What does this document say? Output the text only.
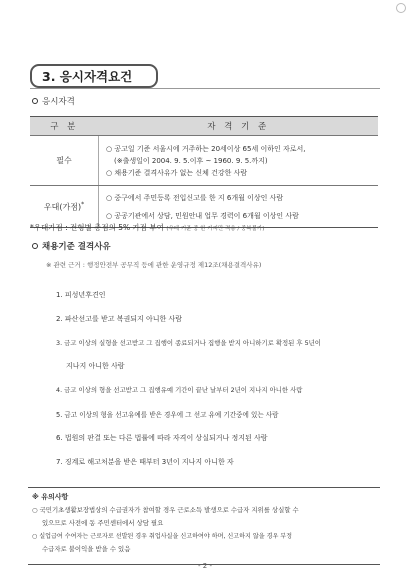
3. 응시자격요건
응시자격
구 분	자 격 기 준
필수	○ 공고일 기준 서울시에 거주하는 20세이상 65세 이하인 자로서,
(※출생일이 2004. 9. 5.이후 ~ 1960. 9. 5.까지)
○ 채용기준 결격사유가 없는 신체 건강한 사람

우대(가점)*	○ 중구에서 주민등록 전입신고를 한 지 6개월 이상인 사람
○ 공공기관에서 상담, 민원안내 업무 경력이 6개월 이상인 사람
*우대가점 : 전형별 총점의 5% 가점 부여 (우대 기준 중 한 가지만 적용 / 중복불가)
채용기준 결격사유
※ 관련 근거 : 행정안전부 공무직 등에 관한 운영규정 제12조(채용결격사유)
1. 피성년후견인
2. 파산선고를 받고 복권되지 아니한 사람
3. 금고 이상의 실형을 선고받고 그 집행이 종료되거나 집행을 받지 아니하기로 확정된 후 5년이
지나지 아니한 사람
4. 금고 이상의 형을 선고받고 그 집행유예 기간이 끝난 날부터 2년이 지나지 아니한 사람
5. 금고 이상의 형을 선고유예를 받은 경우에 그 선고 유예 기간중에 있는 사람
6. 법원의 판결 또는 다른 법률에 따라 자격이 상실되거나 정지된 사람
7. 징계로 해고처분을 받은 때부터 3년이 지나지 아니한 자
※ 유의사항
○ 국민기초생활보장법상의 수급권자가 참여할 경우 근로소득 발생으로 수급자 지위를 상실할 수
있으므로 사전에 동 주민센터에서 상담 필요
○ 실업급여 수여자는 근로자로 선발된 경우 취업사실을 신고하여야 하며, 신고하지 않을 경우 부정
수급자로 불이익을 받을 수 있음
- 2 -
